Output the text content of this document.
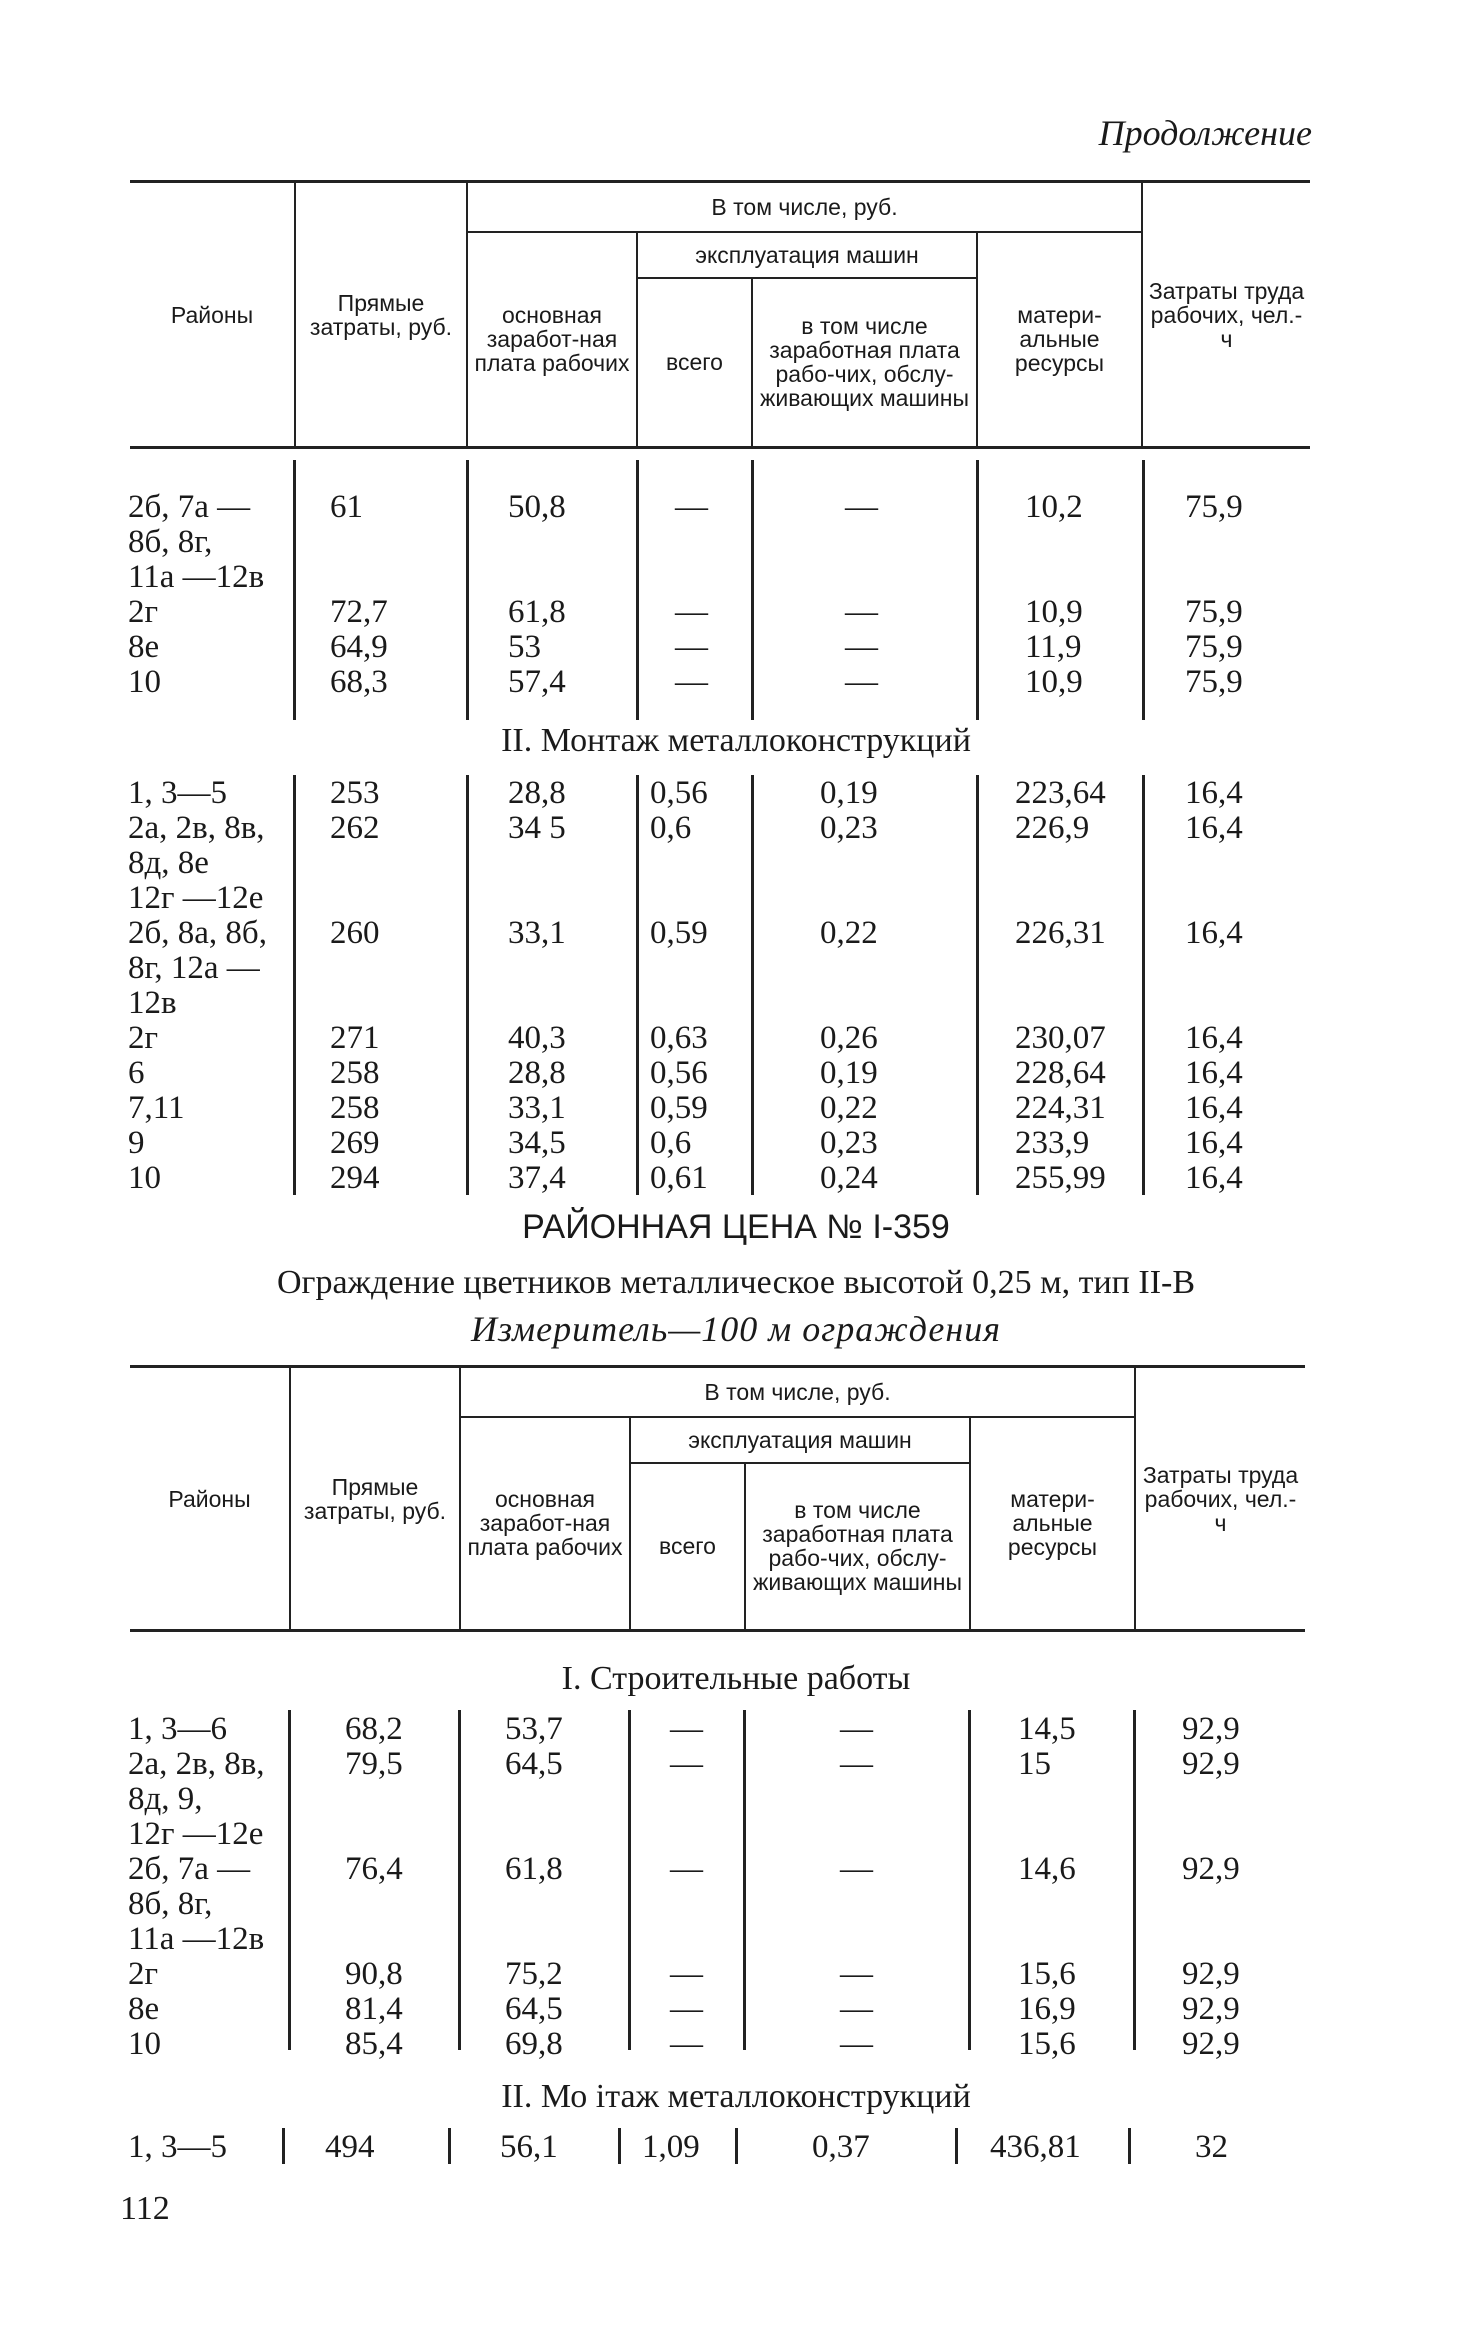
Продолжение
Районы	Прямые затраты, руб.	В том числе, руб.				Затраты труда рабочих, чел.-ч
		основная заработ-ная плата рабочих	эксплуатация машин		матери-альные ресурсы	
			всего	в том числе заработная плата рабо-чих, обслу-живающих машины		
2б, 7а — 61	50,8	—	—	10,2	75,9
8б, 8г,
11а —12в
2г	72,7	61,8	—	—	10,9	75,9
8е	64,9	53	—	—	11,9	75,9
10	68,3	57,4	—	—	10,9	75,9
II. Монтаж металлоконструкций
1, 3—5	253	28,8	0,56	0,19	223,64 16,4
2а, 2в, 8в, 262	34 5	0,6	0,23	226,9	16,4
8д, 8е
12г —12е
2б, 8а, 8б, 260	33,1	0,59	0,22	226,31 16,4
8г, 12а —
12в
2г	271	40,3	0,63	0,26	230,07 16,4
6	258	28,8	0,56	0,19	228,64 16,4
7,11	258	33,1	0,59	0,22	224,31 16,4
9	269	34,5	0,6	0,23	233,9	16,4
10	294	37,4	0,61	0,24	255,99 16,4
РАЙОННАЯ ЦЕНА № I-359
Ограждение цветников металлическое высотой 0,25 м, тип II-В
Измеритель—100 м ограждения
Районы	Прямые затраты, руб.	В том числе, руб.				Затраты труда рабочих, чел.-ч
		основная заработ-ная плата рабочих	эксплуатация машин		матери-альные ресурсы	
			всего	в том числе заработная плата рабо-чих, обслу-живающих машины		
I. Строительные работы
1, 3—6	68,2	53,7	—	—	14,5	92,9
2а, 2в, 8в, 79,5	64,5	—	—	15	92,9
8д, 9,
12г —12е
2б, 7а —	76,4	61,8	—	—	14,6	92,9
8б, 8г,
11а —12в
2г	90,8	75,2	—	—	15,6	92,9
8е	81,4	64,5	—	—	16,9	92,9
10	85,4	69,8	—	—	15,6	92,9
II. Мо iтаж металлоконструкций
1, 3—5	494	56,1	1,09	0,37	436,81	32
112
